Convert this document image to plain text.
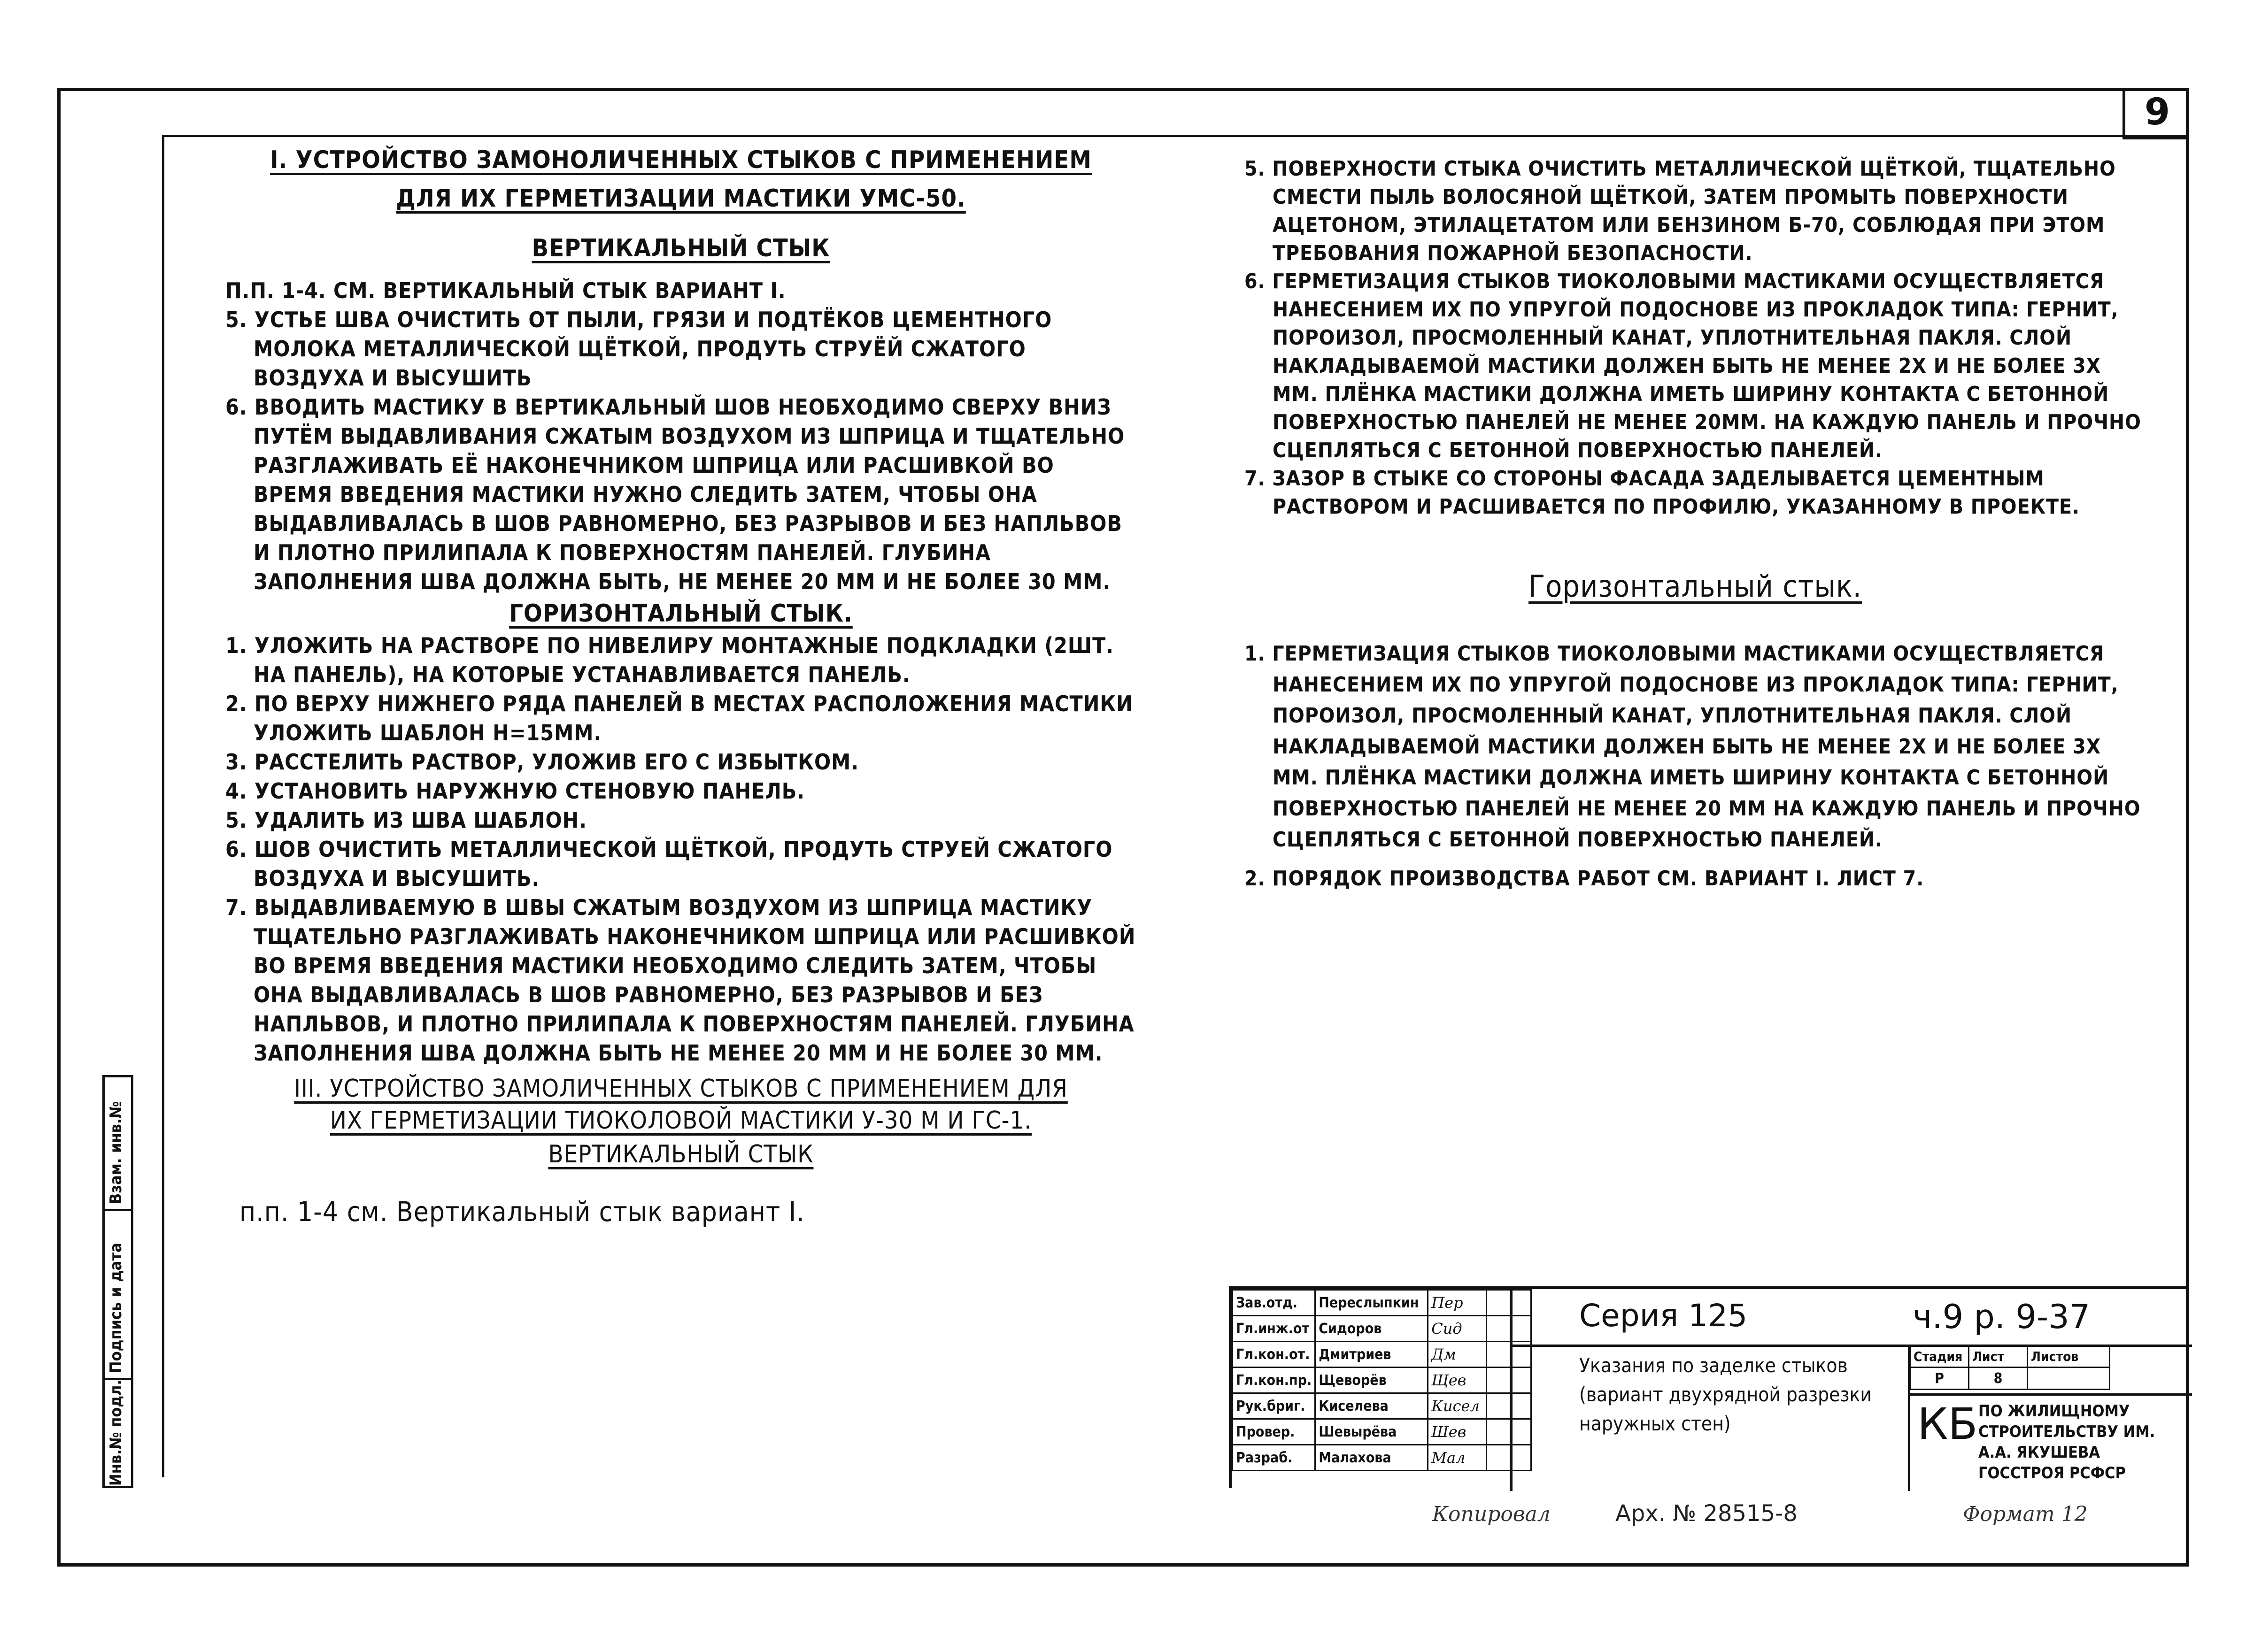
9
I. УСТРОЙСТВО ЗАМОНОЛИЧЕННЫХ СТЫКОВ С ПРИМЕНЕНИЕМ
ДЛЯ ИХ ГЕРМЕТИЗАЦИИ МАСТИКИ УМС-50.
ВЕРТИКАЛЬНЫЙ СТЫК

П.П. 1-4. СМ. ВЕРТИКАЛЬНЫЙ СТЫК ВАРИАНТ I.

5. УСТЬЕ ШВА ОЧИСТИТЬ ОТ ПЫЛИ, ГРЯЗИ И ПОДТЁКОВ ЦЕМЕНТНОГО МОЛОКА МЕТАЛЛИЧЕСКОЙ ЩЁТКОЙ, ПРОДУТЬ СТРУЁЙ СЖАТОГО ВОЗДУХА И ВЫСУШИТЬ

6. ВВОДИТЬ МАСТИКУ В ВЕРТИКАЛЬНЫЙ ШОВ НЕОБХОДИМО СВЕРХУ ВНИЗ ПУТЁМ ВЫДАВЛИВАНИЯ СЖАТЫМ ВОЗДУХОМ ИЗ ШПРИЦА И ТЩАТЕЛЬНО РАЗГЛАЖИВАТЬ ЕЁ НАКОНЕЧНИКОМ ШПРИЦА ИЛИ РАСШИВКОЙ ВО ВРЕМЯ ВВЕДЕНИЯ МАСТИКИ НУЖНО СЛЕДИТЬ ЗАТЕМ, ЧТОБЫ ОНА ВЫДАВЛИВАЛАСЬ В ШОВ РАВНОМЕРНО, БЕЗ РАЗРЫВОВ И БЕЗ НАПЛЬВОВ И ПЛОТНО ПРИЛИПАЛА К ПОВЕРХНОСТЯМ ПАНЕЛЕЙ. ГЛУБИНА ЗАПОЛНЕНИЯ ШВА ДОЛЖНА БЫТЬ, НЕ МЕНЕЕ 20 ММ И НЕ БОЛЕЕ 30 ММ.

ГОРИЗОНТАЛЬНЫЙ СТЫК.

1. УЛОЖИТЬ НА РАСТВОРЕ ПО НИВЕЛИРУ МОНТАЖНЫЕ ПОДКЛАДКИ (2ШТ. НА ПАНЕЛЬ), НА КОТОРЫЕ УСТАНАВЛИВАЕТСЯ ПАНЕЛЬ.

2. ПО ВЕРХУ НИЖНЕГО РЯДА ПАНЕЛЕЙ В МЕСТАХ РАСПОЛОЖЕНИЯ МАСТИКИ УЛОЖИТЬ ШАБЛОН H=15ММ.

3. РАССТЕЛИТЬ РАСТВОР, УЛОЖИВ ЕГО С ИЗБЫТКОМ.

4. УСТАНОВИТЬ НАРУЖНУЮ СТЕНОВУЮ ПАНЕЛЬ.

5. УДАЛИТЬ ИЗ ШВА ШАБЛОН.

6. ШОВ ОЧИСТИТЬ МЕТАЛЛИЧЕСКОЙ ЩЁТКОЙ, ПРОДУТЬ СТРУЕЙ СЖАТОГО ВОЗДУХА И ВЫСУШИТЬ.

7. ВЫДАВЛИВАЕМУЮ В ШВЫ СЖАТЫМ ВОЗДУХОМ ИЗ ШПРИЦА МАСТИКУ ТЩАТЕЛЬНО РАЗГЛАЖИВАТЬ НАКОНЕЧНИКОМ ШПРИЦА ИЛИ РАСШИВКОЙ ВО ВРЕМЯ ВВЕДЕНИЯ МАСТИКИ НЕОБХОДИМО СЛЕДИТЬ ЗАТЕМ, ЧТОБЫ ОНА ВЫДАВЛИВАЛАСЬ В ШОВ РАВНОМЕРНО, БЕЗ РАЗРЫВОВ И БЕЗ НАПЛЬВОВ, И ПЛОТНО ПРИЛИПАЛА К ПОВЕРХНОСТЯМ ПАНЕЛЕЙ. ГЛУБИНА ЗАПОЛНЕНИЯ ШВА ДОЛЖНА БЫТЬ НЕ МЕНЕЕ 20 ММ И НЕ БОЛЕЕ 30 ММ.

III. УСТРОЙСТВО ЗАМОЛИЧЕННЫХ СТЫКОВ С ПРИМЕНЕНИЕМ ДЛЯ
ИХ ГЕРМЕТИЗАЦИИ ТИОКОЛОВОЙ МАСТИКИ У-30 М И ГС-1.
ВЕРТИКАЛЬНЫЙ СТЫК

п.п. 1-4 см. Вертикальный стык вариант I.

5. ПОВЕРХНОСТИ СТЫКА ОЧИСТИТЬ МЕТАЛЛИЧЕСКОЙ ЩЁТКОЙ, ТЩАТЕЛЬНО СМЕСТИ ПЫЛЬ ВОЛОСЯНОЙ ЩЁТКОЙ, ЗАТЕМ ПРОМЫТЬ ПОВЕРХНОСТИ АЦЕТОНОМ, ЭТИЛАЦЕТАТОМ ИЛИ БЕНЗИНОМ Б-70, СОБЛЮДАЯ ПРИ ЭТОМ ТРЕБОВАНИЯ ПОЖАРНОЙ БЕЗОПАСНОСТИ.

6. ГЕРМЕТИЗАЦИЯ СТЫКОВ ТИОКОЛОВЫМИ МАСТИКАМИ ОСУЩЕСТВЛЯЕТСЯ НАНЕСЕНИЕМ ИХ ПО УПРУГОЙ ПОДОСНОВЕ ИЗ ПРОКЛАДОК ТИПА: ГЕРНИТ, ПОРОИЗОЛ, ПРОСМОЛЕННЫЙ КАНАТ, УПЛОТНИТЕЛЬНАЯ ПАКЛЯ. СЛОЙ НАКЛАДЫВАЕМОЙ МАСТИКИ ДОЛЖЕН БЫТЬ НЕ МЕНЕЕ 2Х И НЕ БОЛЕЕ 3Х ММ. ПЛЁНКА МАСТИКИ ДОЛЖНА ИМЕТЬ ШИРИНУ КОНТАКТА С БЕТОННОЙ ПОВЕРХНОСТЬЮ ПАНЕЛЕЙ НЕ МЕНЕЕ 20ММ. НА КАЖДУЮ ПАНЕЛЬ И ПРОЧНО СЦЕПЛЯТЬСЯ С БЕТОННОЙ ПОВЕРХНОСТЬЮ ПАНЕЛЕЙ.

7. ЗАЗОР В СТЫКЕ СО СТОРОНЫ ФАСАДА ЗАДЕЛЫВАЕТСЯ ЦЕМЕНТНЫМ РАСТВОРОМ И РАСШИВАЕТСЯ ПО ПРОФИЛЮ, УКАЗАННОМУ В ПРОЕКТЕ.

Горизонтальный стык.

1. ГЕРМЕТИЗАЦИЯ СТЫКОВ ТИОКОЛОВЫМИ МАСТИКАМИ ОСУЩЕСТВЛЯЕТСЯ НАНЕСЕНИЕМ ИХ ПО УПРУГОЙ ПОДОСНОВЕ ИЗ ПРОКЛАДОК ТИПА: ГЕРНИТ, ПОРОИЗОЛ, ПРОСМОЛЕННЫЙ КАНАТ, УПЛОТНИТЕЛЬНАЯ ПАКЛЯ. СЛОЙ НАКЛАДЫВАЕМОЙ МАСТИКИ ДОЛЖЕН БЫТЬ НЕ МЕНЕЕ 2Х И НЕ БОЛЕЕ 3Х ММ. ПЛЁНКА МАСТИКИ ДОЛЖНА ИМЕТЬ ШИРИНУ КОНТАКТА С БЕТОННОЙ ПОВЕРХНОСТЬЮ ПАНЕЛЕЙ НЕ МЕНЕЕ 20 ММ НА КАЖДУЮ ПАНЕЛЬ И ПРОЧНО СЦЕПЛЯТЬСЯ С БЕТОННОЙ ПОВЕРХНОСТЬЮ ПАНЕЛЕЙ.

2. ПОРЯДОК ПРОИЗВОДСТВА РАБОТ СМ. ВАРИАНТ I. ЛИСТ 7.

Инв.№ подл.
Подпись и дата
Взам. инв.№
Зав.отд.	Переслыпкин	Пер	
Гл.инж.от	Сидоров	Сид	
Гл.кон.от.	Дмитриев	Дм	
Гл.кон.пр.	Щеворёв	Щев	
Рук.бриг.	Киселева	Кисел	
Провер.	Шевырёва	Шев	
Разраб.	Малахова	Мал	
Серия 125	ч.9 р. 9-37
Указания по заделке стыков (вариант двухрядной разрезки наружных стен)
Стадия	Лист	Листов
Р	8	
КБ ПО ЖИЛИЩНОМУ СТРОИТЕЛЬСТВУ ИМ. А.А. ЯКУШЕВА ГОССТРОЯ РСФСР
Копировал	Арх. № 28515-8	Формат 12
